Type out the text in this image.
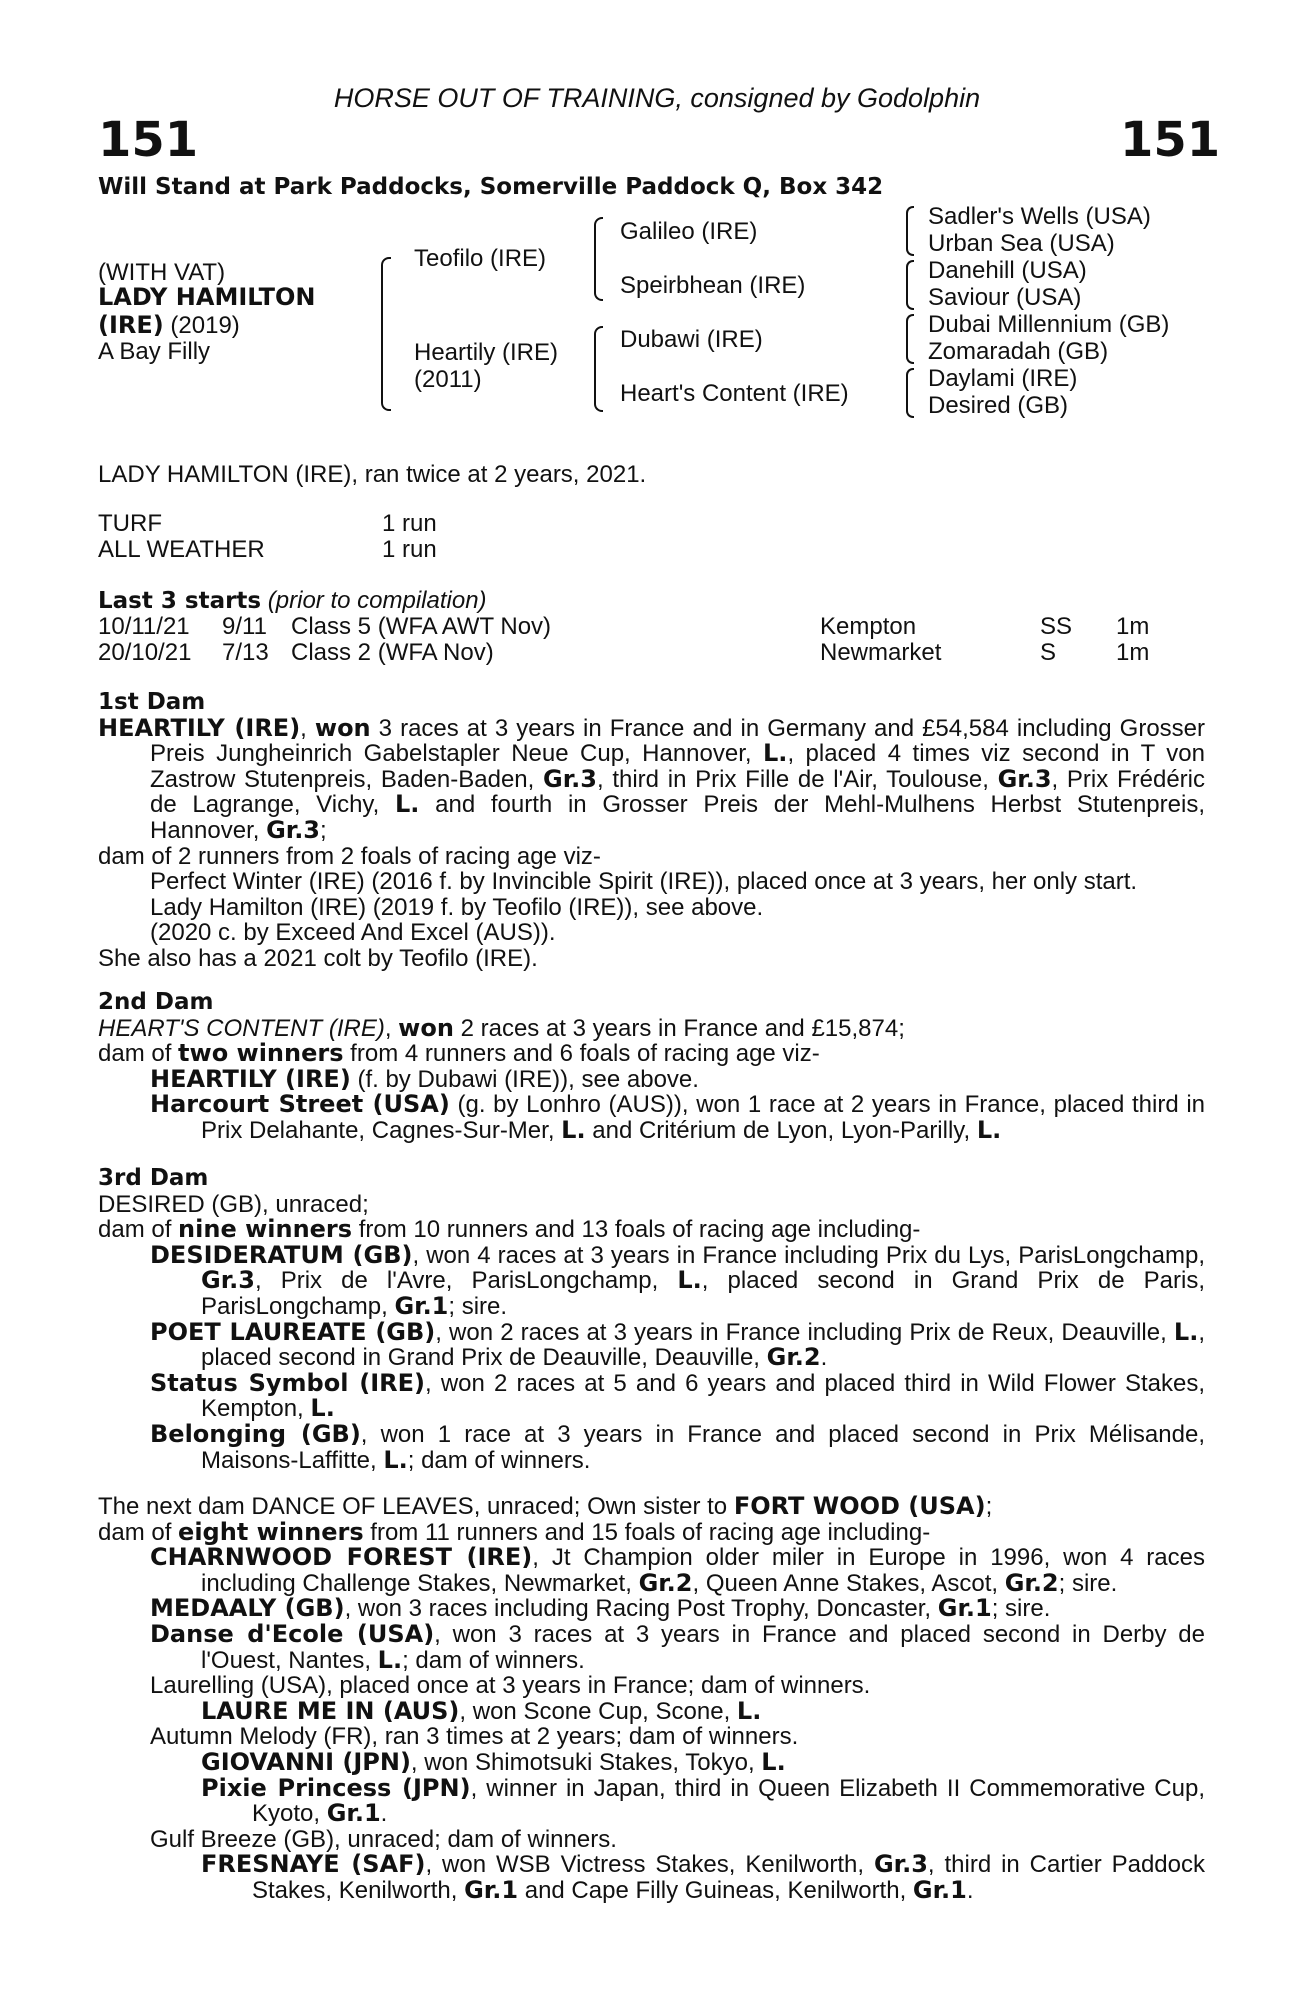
HORSE OUT OF TRAINING, consigned by Godolphin
151	151
Will Stand at Park Paddocks, Somerville Paddock Q, Box 342
(WITH VAT)
LADY HAMILTON
(IRE) (2019)
A Bay Filly
Teofilo (IRE)
Heartily (IRE)
(2011)
Galileo (IRE)
Speirbhean (IRE)
Dubawi (IRE)
Heart's Content (IRE)
Sadler's Wells (USA)
Urban Sea (USA)
Danehill (USA)
Saviour (USA)
Dubai Millennium (GB)
Zomaradah (GB)
Daylami (IRE)
Desired (GB)
LADY HAMILTON (IRE), ran twice at 2 years, 2021.
TURF	1 run
ALL WEATHER	1 run
Last 3 starts (prior to compilation)
10/11/21 9/11 Class 5 (WFA AWT Nov)	Kempton	SS 1m
20/10/21 7/13 Class 2 (WFA Nov)	Newmarket	S 1m

1st Dam

HEARTILY (IRE), won 3 races at 3 years in France and in Germany and £54,584 including Grosser Preis Jungheinrich Gabelstapler Neue Cup, Hannover, L., placed 4 times viz second in T von Zastrow Stutenpreis, Baden-Baden, Gr.3, third in Prix Fille de l'Air, Toulouse, Gr.3, Prix Frédéric de Lagrange, Vichy, L. and fourth in Grosser Preis der Mehl-Mulhens Herbst Stutenpreis, Hannover, Gr.3;

dam of 2 runners from 2 foals of racing age viz-

Perfect Winter (IRE) (2016 f. by Invincible Spirit (IRE)), placed once at 3 years, her only start.

Lady Hamilton (IRE) (2019 f. by Teofilo (IRE)), see above.

(2020 c. by Exceed And Excel (AUS)).

She also has a 2021 colt by Teofilo (IRE).

2nd Dam

HEART'S CONTENT (IRE), won 2 races at 3 years in France and £15,874;

dam of two winners from 4 runners and 6 foals of racing age viz-

HEARTILY (IRE) (f. by Dubawi (IRE)), see above.

Harcourt Street (USA) (g. by Lonhro (AUS)), won 1 race at 2 years in France, placed third in Prix Delahante, Cagnes-Sur-Mer, L. and Critérium de Lyon, Lyon-Parilly, L.

3rd Dam

DESIRED (GB), unraced;

dam of nine winners from 10 runners and 13 foals of racing age including-

DESIDERATUM (GB), won 4 races at 3 years in France including Prix du Lys, ParisLongchamp, Gr.3, Prix de l'Avre, ParisLongchamp, L., placed second in Grand Prix de Paris, ParisLongchamp, Gr.1; sire.

POET LAUREATE (GB), won 2 races at 3 years in France including Prix de Reux, Deauville, L., placed second in Grand Prix de Deauville, Deauville, Gr.2.

Status Symbol (IRE), won 2 races at 5 and 6 years and placed third in Wild Flower Stakes, Kempton, L.

Belonging (GB), won 1 race at 3 years in France and placed second in Prix Mélisande, Maisons-Laffitte, L.; dam of winners.

The next dam DANCE OF LEAVES, unraced; Own sister to FORT WOOD (USA);

dam of eight winners from 11 runners and 15 foals of racing age including-

CHARNWOOD FOREST (IRE), Jt Champion older miler in Europe in 1996, won 4 races including Challenge Stakes, Newmarket, Gr.2, Queen Anne Stakes, Ascot, Gr.2; sire.

MEDAALY (GB), won 3 races including Racing Post Trophy, Doncaster, Gr.1; sire.

Danse d'Ecole (USA), won 3 races at 3 years in France and placed second in Derby de l'Ouest, Nantes, L.; dam of winners.

Laurelling (USA), placed once at 3 years in France; dam of winners.

LAURE ME IN (AUS), won Scone Cup, Scone, L.

Autumn Melody (FR), ran 3 times at 2 years; dam of winners.

GIOVANNI (JPN), won Shimotsuki Stakes, Tokyo, L.

Pixie Princess (JPN), winner in Japan, third in Queen Elizabeth II Commemorative Cup, Kyoto, Gr.1.

Gulf Breeze (GB), unraced; dam of winners.

FRESNAYE (SAF), won WSB Victress Stakes, Kenilworth, Gr.3, third in Cartier Paddock Stakes, Kenilworth, Gr.1 and Cape Filly Guineas, Kenilworth, Gr.1.
